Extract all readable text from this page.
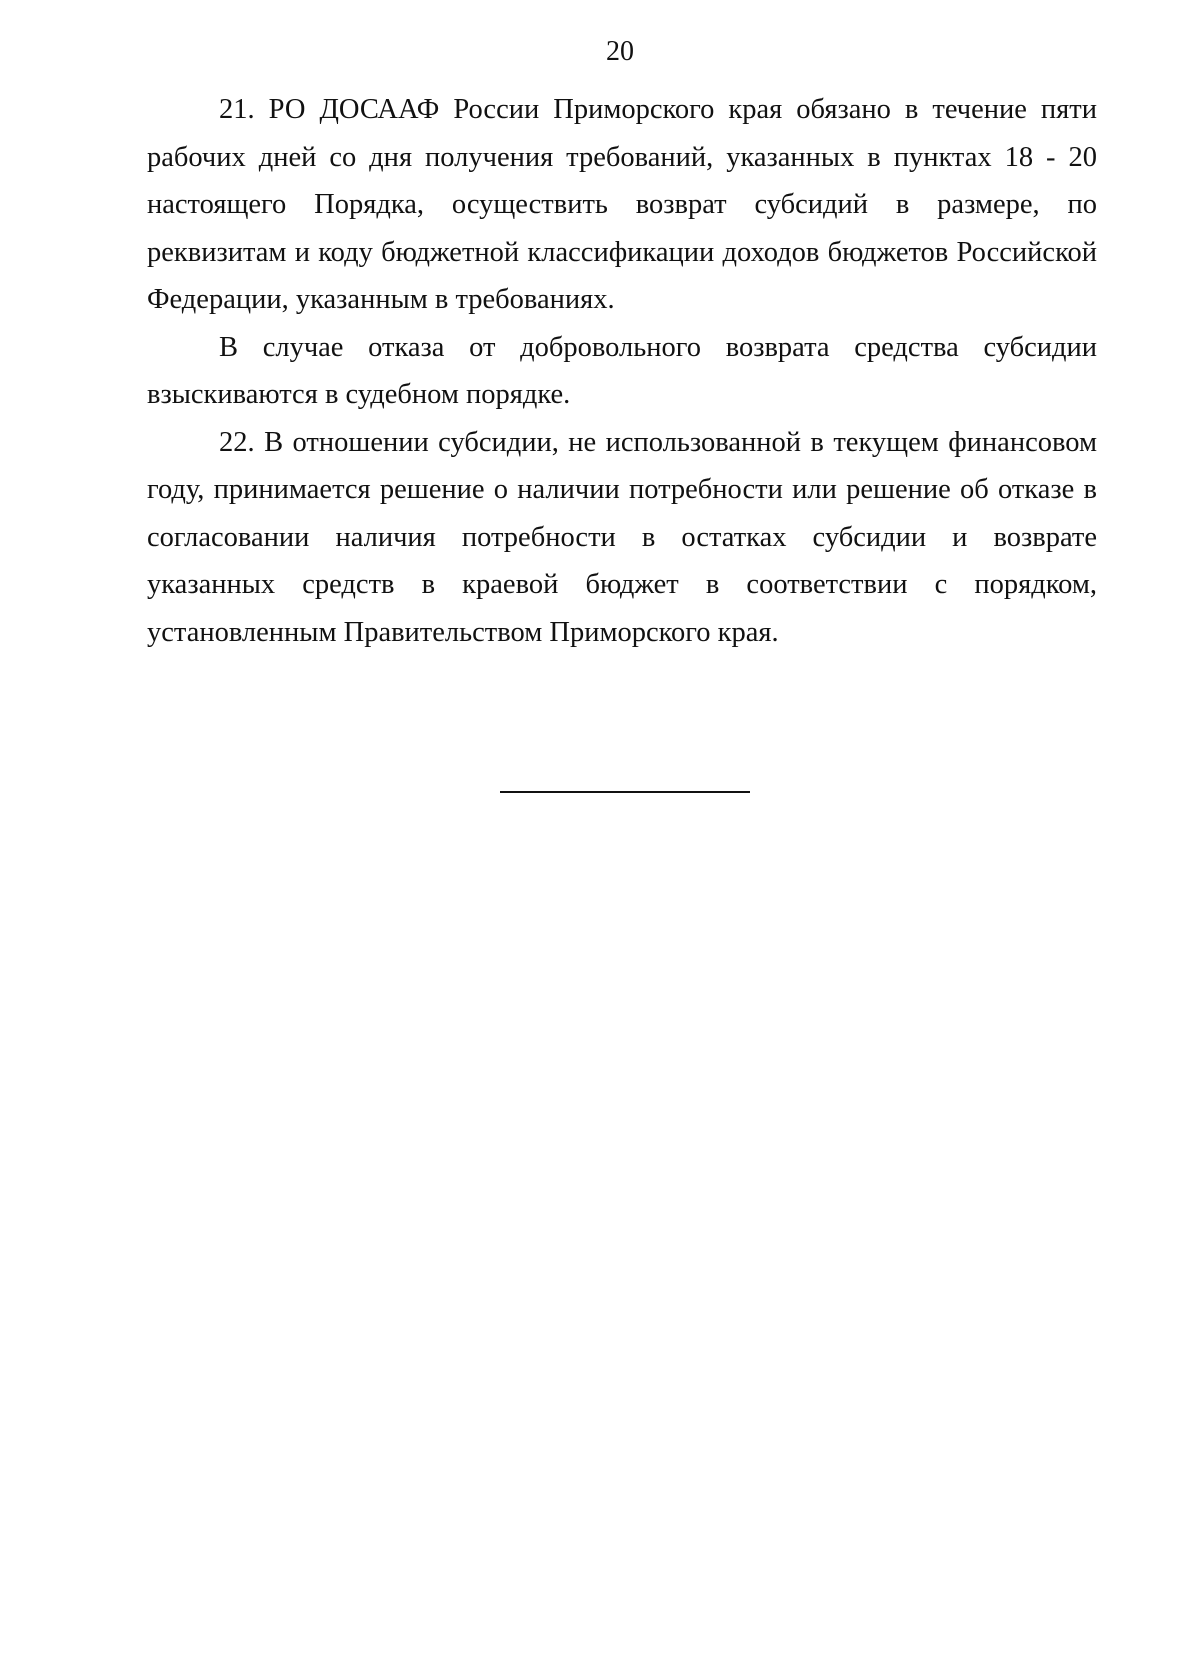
20

21. РО ДОСААФ России Приморского края обязано в течение пяти рабочих дней со дня получения требований, указанных в пунктах 18 - 20 настоящего Порядка, осуществить возврат субсидий в размере, по реквизитам и коду бюджетной классификации доходов бюджетов Российской Федерации, указанным в требованиях.

В случае отказа от добровольного возврата средства субсидии взыскиваются в судебном порядке.

22. В отношении субсидии, не использованной в текущем финансовом году, принимается решение о наличии потребности или решение об отказе в согласовании наличия потребности в остатках субсидии и возврате указанных средств в краевой бюджет в соответствии с порядком, установленным Правительством Приморского края.
